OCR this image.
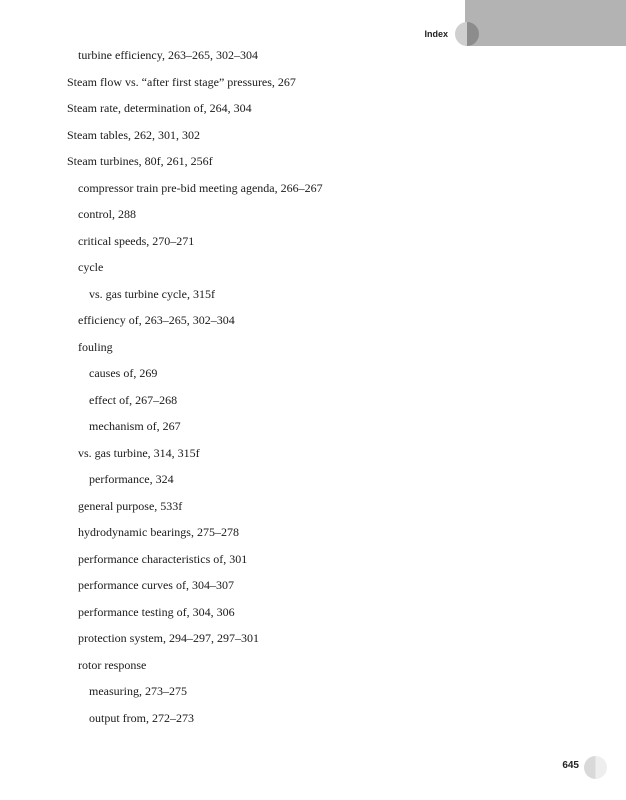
Index
turbine efficiency, 263–265, 302–304
Steam flow vs. “after first stage” pressures, 267
Steam rate, determination of, 264, 304
Steam tables, 262, 301, 302
Steam turbines, 80f, 261, 256f
compressor train pre-bid meeting agenda, 266–267
control, 288
critical speeds, 270–271
cycle
vs. gas turbine cycle, 315f
efficiency of, 263–265, 302–304
fouling
causes of, 269
effect of, 267–268
mechanism of, 267
vs. gas turbine, 314, 315f
performance, 324
general purpose, 533f
hydrodynamic bearings, 275–278
performance characteristics of, 301
performance curves of, 304–307
performance testing of, 304, 306
protection system, 294–297, 297–301
rotor response
measuring, 273–275
output from, 272–273
645
